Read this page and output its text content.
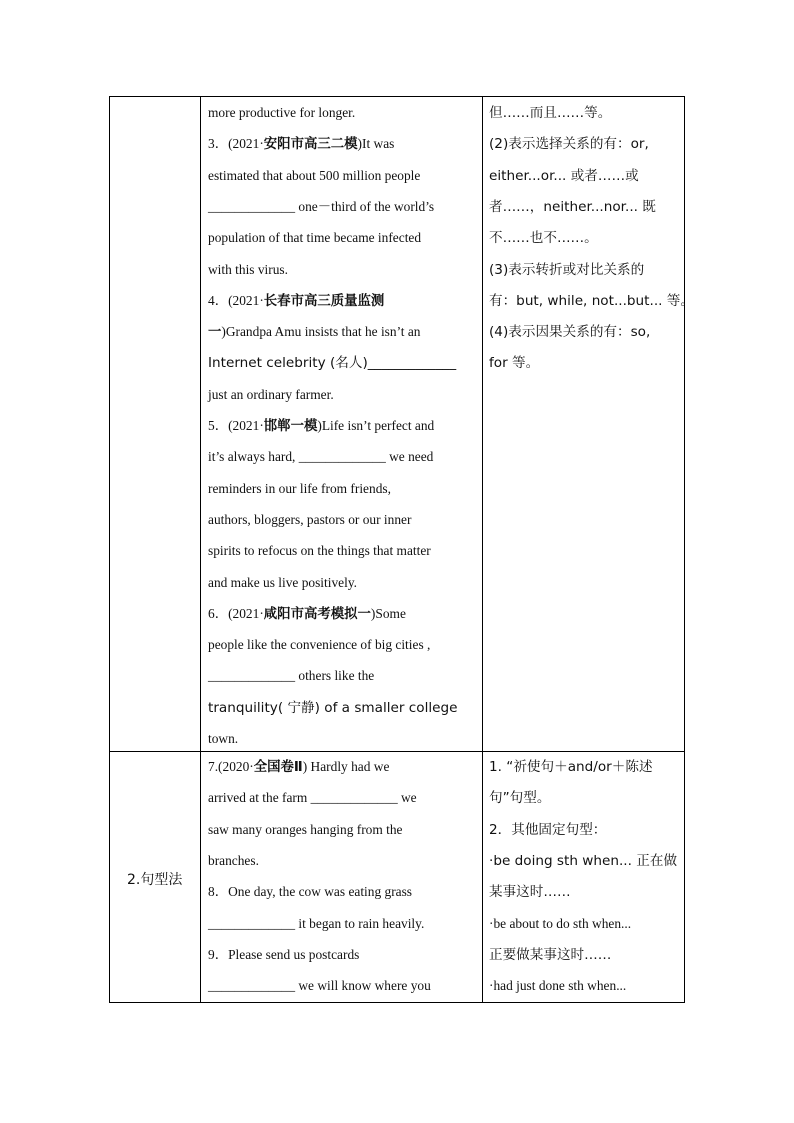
more productive for longer.
3．(2021·安阳市高三二模)It was
estimated that about 500 million people
_____________ one－third of the world’s
population of that time became infected
with this virus.
4．(2021·长春市高三质量监测
一)Grandpa Amu insists that he isn’t an
Internet celebrity (名人)_____________
just an ordinary farmer.
5．(2021·邯郸一模)Life isn’t perfect and
it’s always hard, _____________ we need
reminders in our life from friends,
authors, bloggers, pastors or our inner
spirits to refocus on the things that matter
and make us live positively.
6．(2021·咸阳市高考模拟一)Some
people like the convenience of big cities ,
_____________ others like the
tranquility( 宁静) of a smaller college
town.
但……而且……等。
(2)表示选择关系的有：or,
either...or... 或者……或
者……，neither...nor... 既
不……也不……。
(3)表示转折或对比关系的
有：but, while, not...but... 等。
(4)表示因果关系的有：so,
for 等。
2.句型法
7.(2020·全国卷Ⅱ) Hardly had we
arrived at the farm _____________ we
saw many oranges hanging from the
branches.
8．One day, the cow was eating grass
_____________ it began to rain heavily.
9．Please send us postcards
_____________ we will know where you
1. “祈使句＋and/or＋陈述
句”句型。
2．其他固定句型：
·be doing sth when... 正在做
某事这时……
·be about to do sth when...
正要做某事这时……
·had just done sth when...
